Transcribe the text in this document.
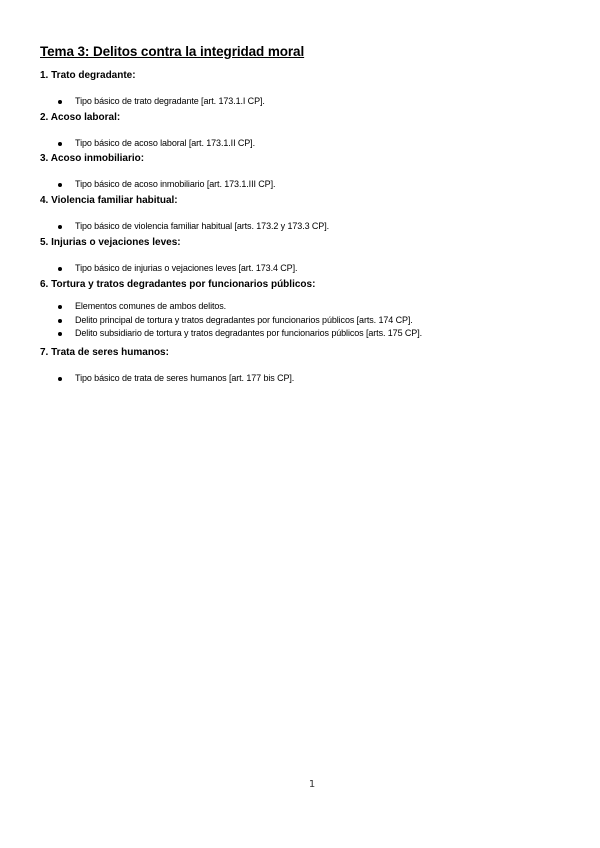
Tema 3: Delitos contra la integridad moral
1. Trato degradante:
Tipo básico de trato degradante [art. 173.1.I CP].
2. Acoso laboral:
Tipo básico de acoso laboral [art. 173.1.II CP].
3. Acoso inmobiliario:
Tipo básico de acoso inmobiliario [art. 173.1.III CP].
4. Violencia familiar habitual:
Tipo básico de violencia familiar habitual [arts. 173.2 y 173.3 CP].
5. Injurias o vejaciones leves:
Tipo básico de injurias o vejaciones leves [art. 173.4 CP].
6. Tortura y tratos degradantes por funcionarios públicos:
Elementos comunes de ambos delitos.
Delito principal de tortura y tratos degradantes por funcionarios públicos [arts. 174 CP].
Delito subsidiario de tortura y tratos degradantes por funcionarios públicos [arts. 175 CP].
7. Trata de seres humanos:
Tipo básico de trata de seres humanos [art. 177 bis CP].
1
